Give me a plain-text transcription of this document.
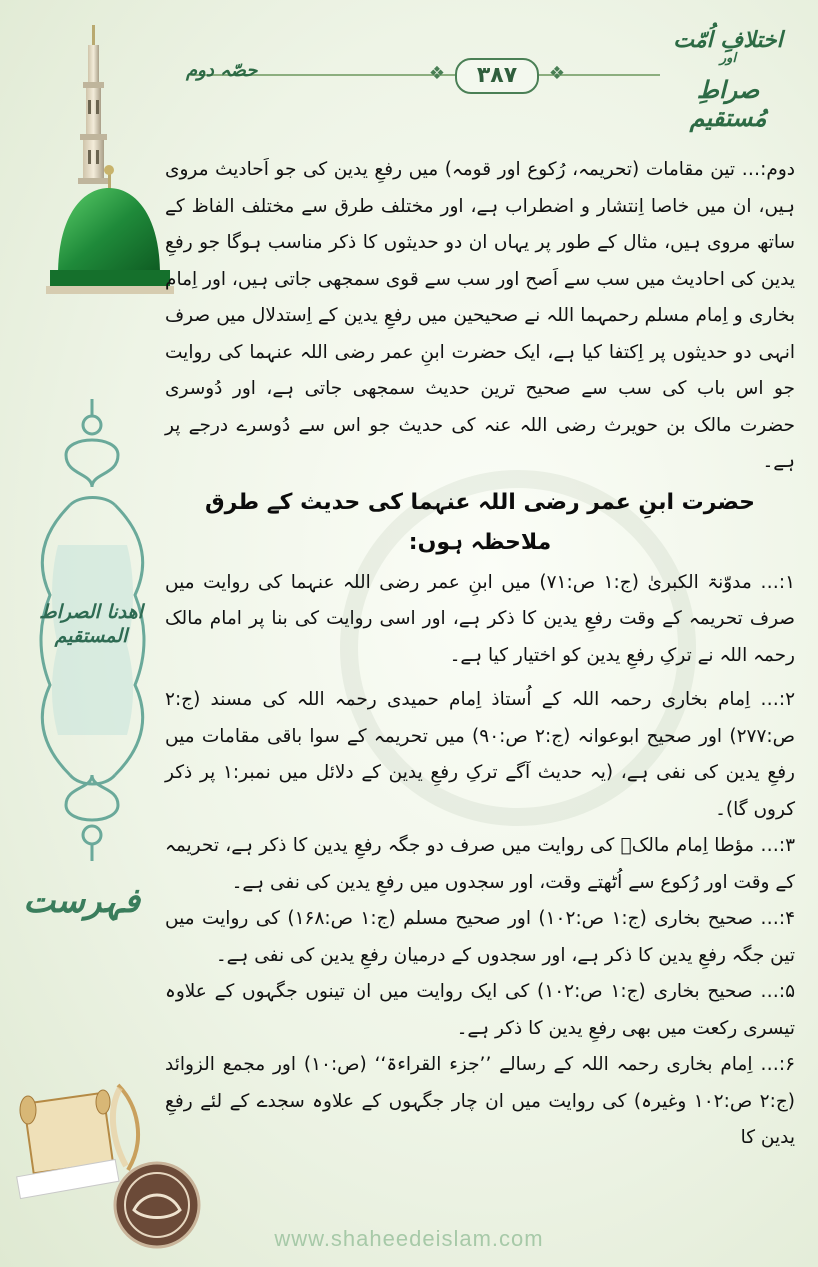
اھدنا الصراط المستقیم
فہرست
❖	❖
۳۸۷
حصّہ دوم
اختلافِ اُمّت
اور
صراطِ مُستقیم

دوم:… تین مقامات (تحریمہ، رُکوع اور قومہ) میں رفعِ یدین کی جو اَحادیث مروی ہیں، ان میں خاصا اِنتشار و اضطراب ہے، اور مختلف طرق سے مختلف الفاظ کے ساتھ مروی ہیں، مثال کے طور پر یہاں ان دو حدیثوں کا ذکر مناسب ہوگا جو رفعِ یدین کی احادیث میں سب سے اَصح اور سب سے قوی سمجھی جاتی ہیں، اور اِمام بخاری و اِمام مسلم رحمہما اللہ نے صحیحین میں رفعِ یدین کے اِستدلال میں صرف انہی دو حدیثوں پر اِکتفا کیا ہے، ایک حضرت ابنِ عمر رضی اللہ عنہما کی روایت جو اس باب کی سب سے صحیح ترین حدیث سمجھی جاتی ہے، اور دُوسری حضرت مالک بن حویرث رضی اللہ عنہ کی حدیث جو اس سے دُوسرے درجے پر ہے۔

حضرت ابنِ عمر رضی اللہ عنہما کی حدیث کے طرق ملاحظہ ہوں:

۱:… مدوّنۃ الکبریٰ (ج:۱ ص:۷۱) میں ابنِ عمر رضی اللہ عنہما کی روایت میں صرف تحریمہ کے وقت رفعِ یدین کا ذکر ہے، اور اسی روایت کی بنا پر امام مالک رحمہ اللہ نے ترکِ رفعِ یدین کو اختیار کیا ہے۔

۲:… اِمام بخاری رحمہ اللہ کے اُستاذ اِمام حمیدی رحمہ اللہ کی مسند (ج:۲ ص:۲۷۷) اور صحیح ابوعوانہ (ج:۲ ص:۹۰) میں تحریمہ کے سوا باقی مقامات میں رفعِ یدین کی نفی ہے، (یہ حدیث آگے ترکِ رفعِ یدین کے دلائل میں نمبر:۱ پر ذکر کروں گا)۔

۳:… مؤطا اِمام مالکؒ کی روایت میں صرف دو جگہ رفعِ یدین کا ذکر ہے، تحریمہ کے وقت اور رُکوع سے اُٹھتے وقت، اور سجدوں میں رفعِ یدین کی نفی ہے۔

۴:… صحیح بخاری (ج:۱ ص:۱۰۲) اور صحیح مسلم (ج:۱ ص:۱۶۸) کی روایت میں تین جگہ رفعِ یدین کا ذکر ہے، اور سجدوں کے درمیان رفعِ یدین کی نفی ہے۔

۵:… صحیح بخاری (ج:۱ ص:۱۰۲) کی ایک روایت میں ان تینوں جگہوں کے علاوہ تیسری رکعت میں بھی رفعِ یدین کا ذکر ہے۔

۶:… اِمام بخاری رحمہ اللہ کے رسالے ’’جزء القراءۃ‘‘ (ص:۱۰) اور مجمع الزوائد (ج:۲ ص:۱۰۲ وغیرہ) کی روایت میں ان چار جگہوں کے علاوہ سجدے کے لئے رفعِ یدین کا

www.shaheedeislam.com
